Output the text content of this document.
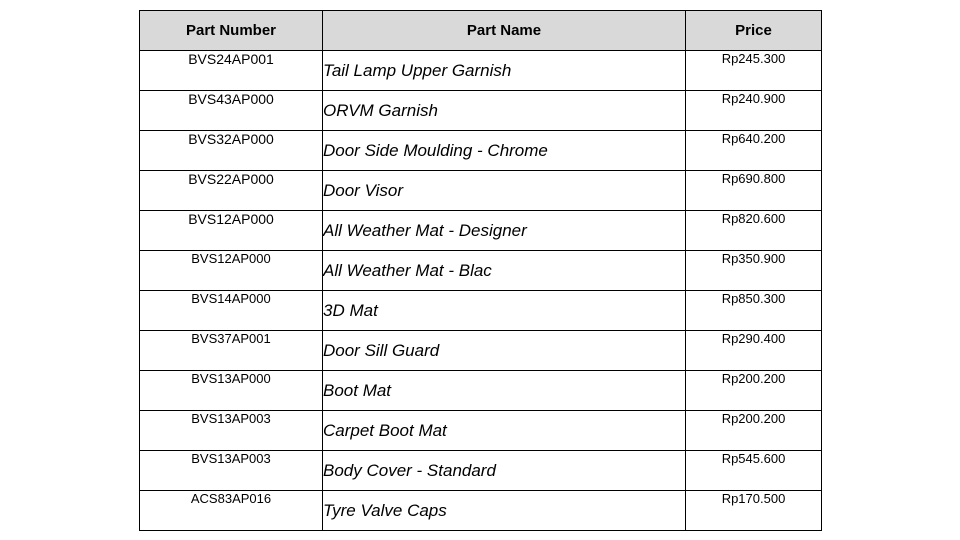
Part Number	Part Name	Price
BVS24AP001	Tail Lamp Upper Garnish	Rp245.300
BVS43AP000	ORVM Garnish	Rp240.900
BVS32AP000	Door Side Moulding - Chrome	Rp640.200
BVS22AP000	Door Visor	Rp690.800
BVS12AP000	All Weather Mat - Designer	Rp820.600
BVS12AP000	All Weather Mat - Blac	Rp350.900
BVS14AP000	3D Mat	Rp850.300
BVS37AP001	Door Sill Guard	Rp290.400
BVS13AP000	Boot Mat	Rp200.200
BVS13AP003	Carpet Boot Mat	Rp200.200
BVS13AP003	Body Cover - Standard	Rp545.600
ACS83AP016	Tyre Valve Caps	Rp170.500
